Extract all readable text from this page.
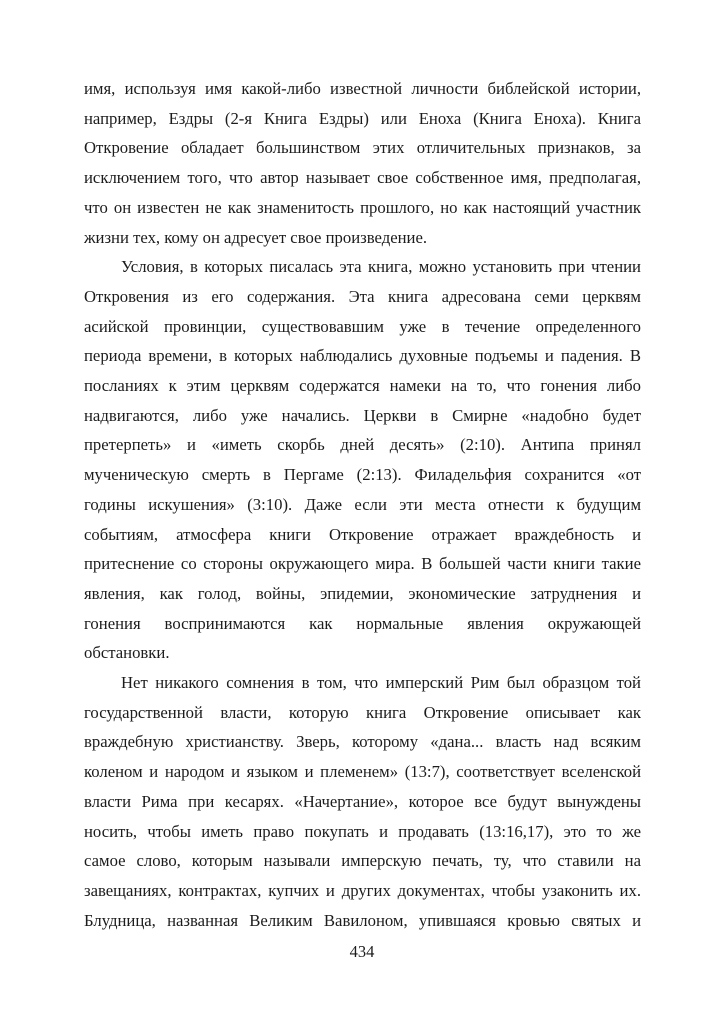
имя, используя имя какой-либо известной личности библейской истории,

например, Ездры (2-я Книга Ездры) или Еноха (Книга Еноха). Книга

Откровение обладает большинством этих отличительных признаков, за

исключением того, что автор называет свое собственное имя, предполагая,

что он известен не как знаменитость прошлого, но как настоящий участник

жизни тех, кому он адресует свое произведение.

Условия, в которых писалась эта книга, можно установить при чтении

Откровения из его содержания. Эта книга адресована семи церквям

асийской провинции, существовавшим уже в течение определенного

периода времени, в которых наблюдались духовные подъемы и падения. В

посланиях к этим церквям содержатся намеки на то, что гонения либо

надвигаются, либо уже начались. Церкви в Смирне «надобно будет

претерпеть» и «иметь скорбь дней десять» (2:10). Антипа принял

мученическую смерть в Пергаме (2:13). Филадельфия сохранится «от

годины искушения» (3:10). Даже если эти места отнести к будущим

событиям, атмосфера книги Откровение отражает враждебность и

притеснение со стороны окружающего мира. В большей части книги такие

явления, как голод, войны, эпидемии, экономические затруднения и

гонения воспринимаются как нормальные явления окружающей

обстановки.

Нет никакого сомнения в том, что имперский Рим был образцом той

государственной власти, которую книга Откровение описывает как

враждебную христианству. Зверь, которому «дана... власть над всяким

коленом и народом и языком и племенем» (13:7), соответствует вселенской

власти Рима при кесарях. «Начертание», которое все будут вынуждены

носить, чтобы иметь право покупать и продавать (13:16,17), это то же

самое слово, которым называли имперскую печать, ту, что ставили на

завещаниях, контрактах, купчих и других документах, чтобы узаконить их.

Блудница, названная Великим Вавилоном, упившаяся кровью святых и

434
